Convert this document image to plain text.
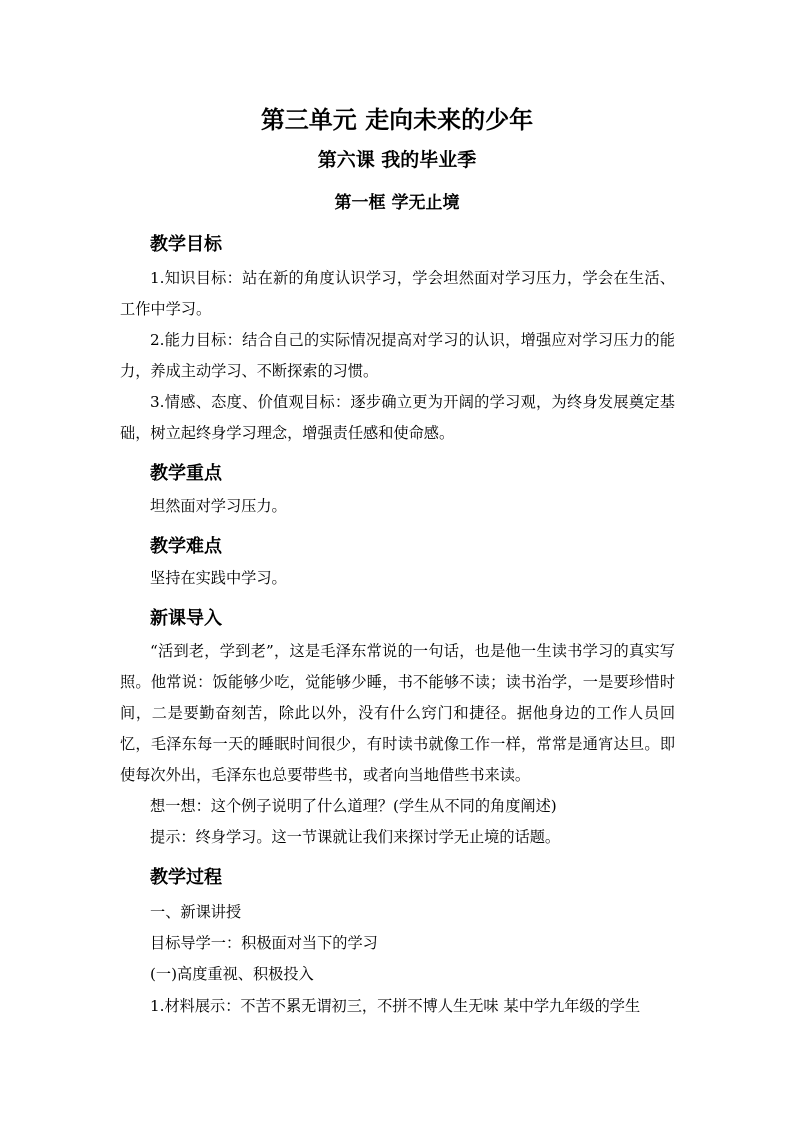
第三单元 走向未来的少年
第六课 我的毕业季
第一框 学无止境
教学目标
1.知识目标：站在新的角度认识学习，学会坦然面对学习压力，学会在生活、工作中学习。
2.能力目标：结合自己的实际情况提高对学习的认识，增强应对学习压力的能力，养成主动学习、不断探索的习惯。
3.情感、态度、价值观目标：逐步确立更为开阔的学习观，为终身发展奠定基础，树立起终身学习理念，增强责任感和使命感。
教学重点
坦然面对学习压力。
教学难点
坚持在实践中学习。
新课导入
“活到老，学到老”，这是毛泽东常说的一句话，也是他一生读书学习的真实写照。他常说：饭能够少吃，觉能够少睡，书不能够不读；读书治学，一是要珍惜时间，二是要勤奋刻苦，除此以外，没有什么窍门和捷径。据他身边的工作人员回忆，毛泽东每一天的睡眠时间很少，有时读书就像工作一样，常常是通宵达旦。即使每次外出，毛泽东也总要带些书，或者向当地借些书来读。
想一想：这个例子说明了什么道理？(学生从不同的角度阐述)
提示：终身学习。这一节课就让我们来探讨学无止境的话题。
教学过程
一、新课讲授
目标导学一：积极面对当下的学习
(一)高度重视、积极投入
1.材料展示：不苦不累无谓初三，不拼不博人生无味 某中学九年级的学生
